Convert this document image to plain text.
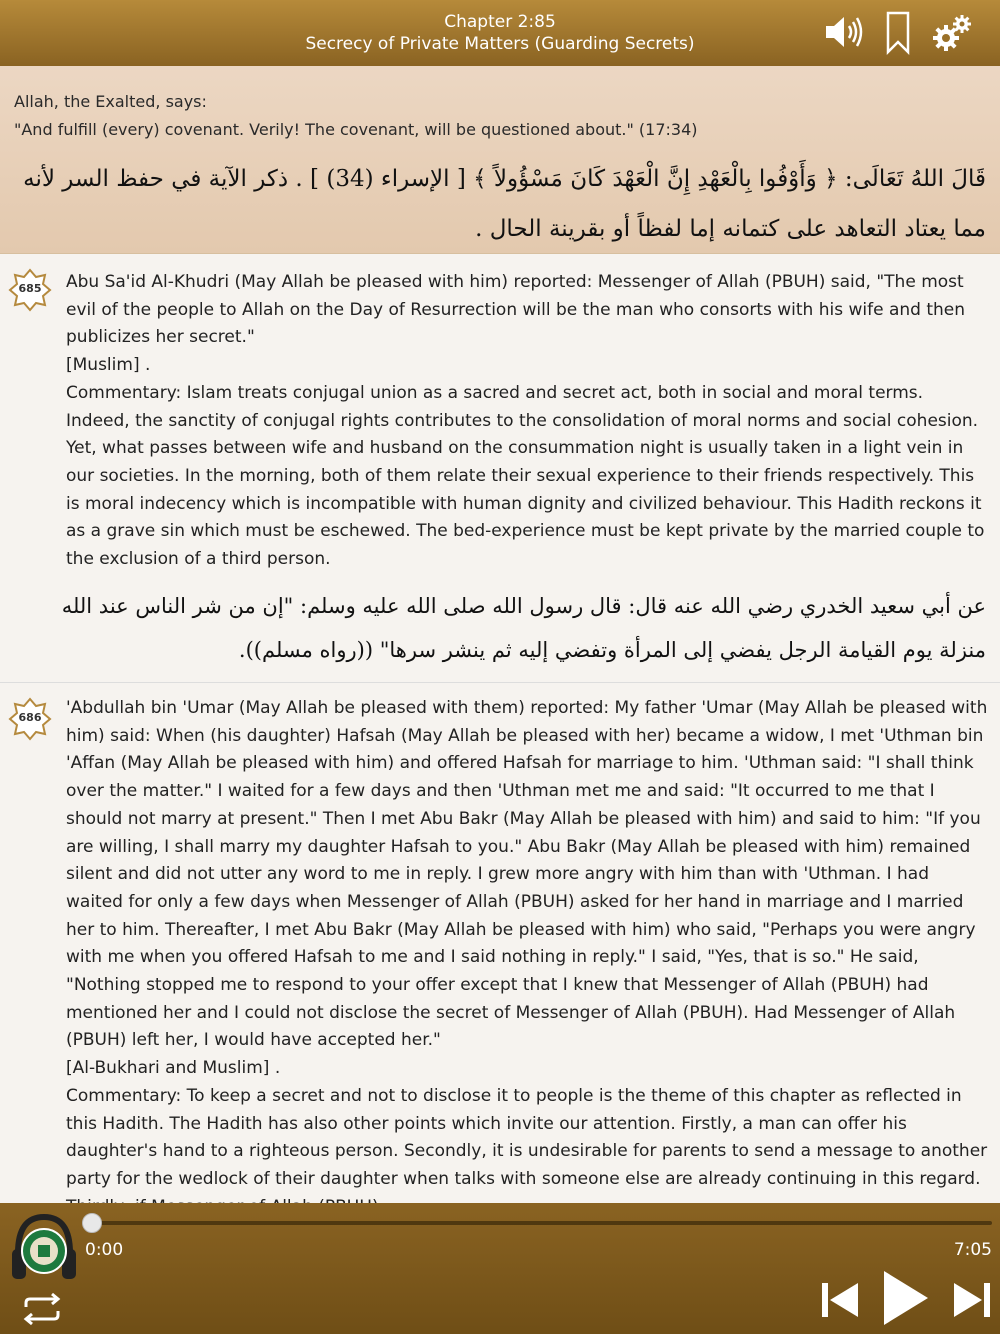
Chapter 2:85
Secrecy of Private Matters (Guarding Secrets)
Allah, the Exalted, says:
"And fulfill (every) covenant. Verily! The covenant, will be questioned about." (17:34)
قَالَ اللهُ تَعَالَى: ﴿ وَأَوْفُوا بِالْعَهْدِ إِنَّ الْعَهْدَ كَانَ مَسْؤُولاً ﴾ [ الإسراء (34) ] . ذكر الآية في حفظ السر لأنه مما يعتاد التعاهد على كتمانه إما لفظاً أو بقرينة الحال .
685	Abu Sa'id Al-Khudri (May Allah be pleased with him) reported: Messenger of Allah (PBUH) said, "The most evil of the people to Allah on the Day of Resurrection will be the man who consorts with his wife and then publicizes her secret."
[Muslim] .
Commentary: Islam treats conjugal union as a sacred and secret act, both in social and moral terms. Indeed, the sanctity of conjugal rights contributes to the consolidation of moral norms and social cohesion. Yet, what passes between wife and husband on the consummation night is usually taken in a light vein in our societies. In the morning, both of them relate their sexual experience to their friends respectively. This is moral indecency which is incompatible with human dignity and civilized behaviour. This Hadith reckons it as a grave sin which must be eschewed. The bed-experience must be kept private by the married couple to the exclusion of a third person.
عن أبي سعيد الخدري رضي الله عنه قال: قال رسول الله صلى الله عليه وسلم: "إن من شر الناس عند الله منزلة يوم القيامة الرجل يفضي إلى المرأة وتفضي إليه ثم ينشر سرها" ((رواه مسلم)).
686	'Abdullah bin 'Umar (May Allah be pleased with them) reported: My father 'Umar (May Allah be pleased with him) said: When (his daughter) Hafsah (May Allah be pleased with her) became a widow, I met 'Uthman bin 'Affan (May Allah be pleased with him) and offered Hafsah for marriage to him. 'Uthman said: "I shall think over the matter." I waited for a few days and then 'Uthman met me and said: "It occurred to me that I should not marry at present." Then I met Abu Bakr (May Allah be pleased with him) and said to him: "If you are willing, I shall marry my daughter Hafsah to you." Abu Bakr (May Allah be pleased with him) remained silent and did not utter any word to me in reply. I grew more angry with him than with 'Uthman. I had waited for only a few days when Messenger of Allah (PBUH) asked for her hand in marriage and I married her to him. Thereafter, I met Abu Bakr (May Allah be pleased with him) who said, "Perhaps you were angry with me when you offered Hafsah to me and I said nothing in reply." I said, "Yes, that is so." He said, "Nothing stopped me to respond to your offer except that I knew that Messenger of Allah (PBUH) had mentioned her and I could not disclose the secret of Messenger of Allah (PBUH). Had Messenger of Allah (PBUH) left her, I would have accepted her."
[Al-Bukhari and Muslim] .
Commentary: To keep a secret and not to disclose it to people is the theme of this chapter as reflected in this Hadith. The Hadith has also other points which invite our attention. Firstly, a man can offer his daughter's hand to a righteous person. Secondly, it is undesirable for parents to send a message to another party for the wedlock of their daughter when talks with someone else are already continuing in this regard.
0:00	7:05
